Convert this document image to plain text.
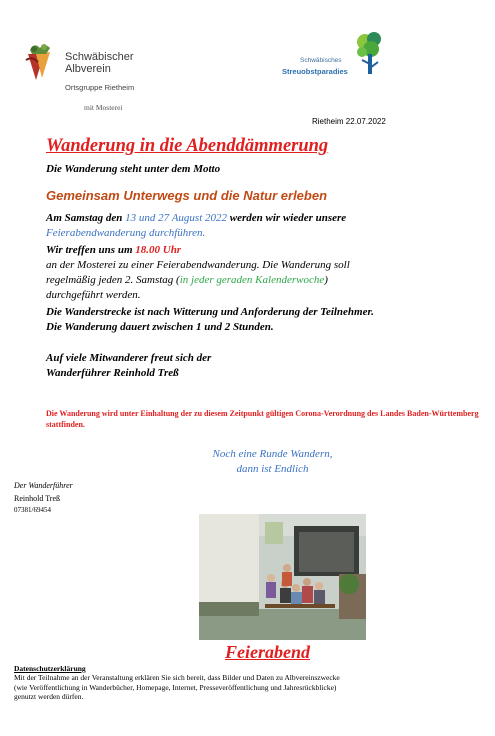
Schwäbischer
Albverein
Ortsgruppe Rietheim
mit Mosterei
Schwäbisches
Streuobstparadies
Rietheim 22.07.2022
Wanderung in die Abenddämmerung
Die Wanderung steht unter dem Motto
Gemeinsam Unterwegs und die Natur erleben
Am Samstag den 13 und 27 August 2022 werden wir wieder unsere
Feierabendwanderung durchführen.
Wir treffen uns um 18.00 Uhr
an der Mosterei zu einer Feierabendwanderung. Die Wanderung soll
regelmäßig jeden 2. Samstag (in jeder geraden Kalenderwoche)
durchgeführt werden.
Die Wanderstrecke ist nach Witterung und Anforderung der Teilnehmer.
Die Wanderung dauert zwischen 1 und 2 Stunden.
Auf viele Mitwanderer freut sich der
Wanderführer Reinhold Treß
Die Wanderung wird unter Einhaltung der zu diesem Zeitpunkt gültigen Corona-Verordnung des Landes Baden-Württemberg stattfinden.
Noch eine Runde Wandern,
dann ist Endlich
Der Wanderführer
Reinhold Treß
07381/69454
Feierabend
Datenschutzerklärung
Mit der Teilnahme an der Veranstaltung erklären Sie sich bereit, dass Bilder und Daten zu Albvereinszwecke
(wie Veröffentlichung in Wanderbücher, Homepage, Internet, Presseveröffentlichung und Jahresrückblicke)
genutzt werden dürfen.
